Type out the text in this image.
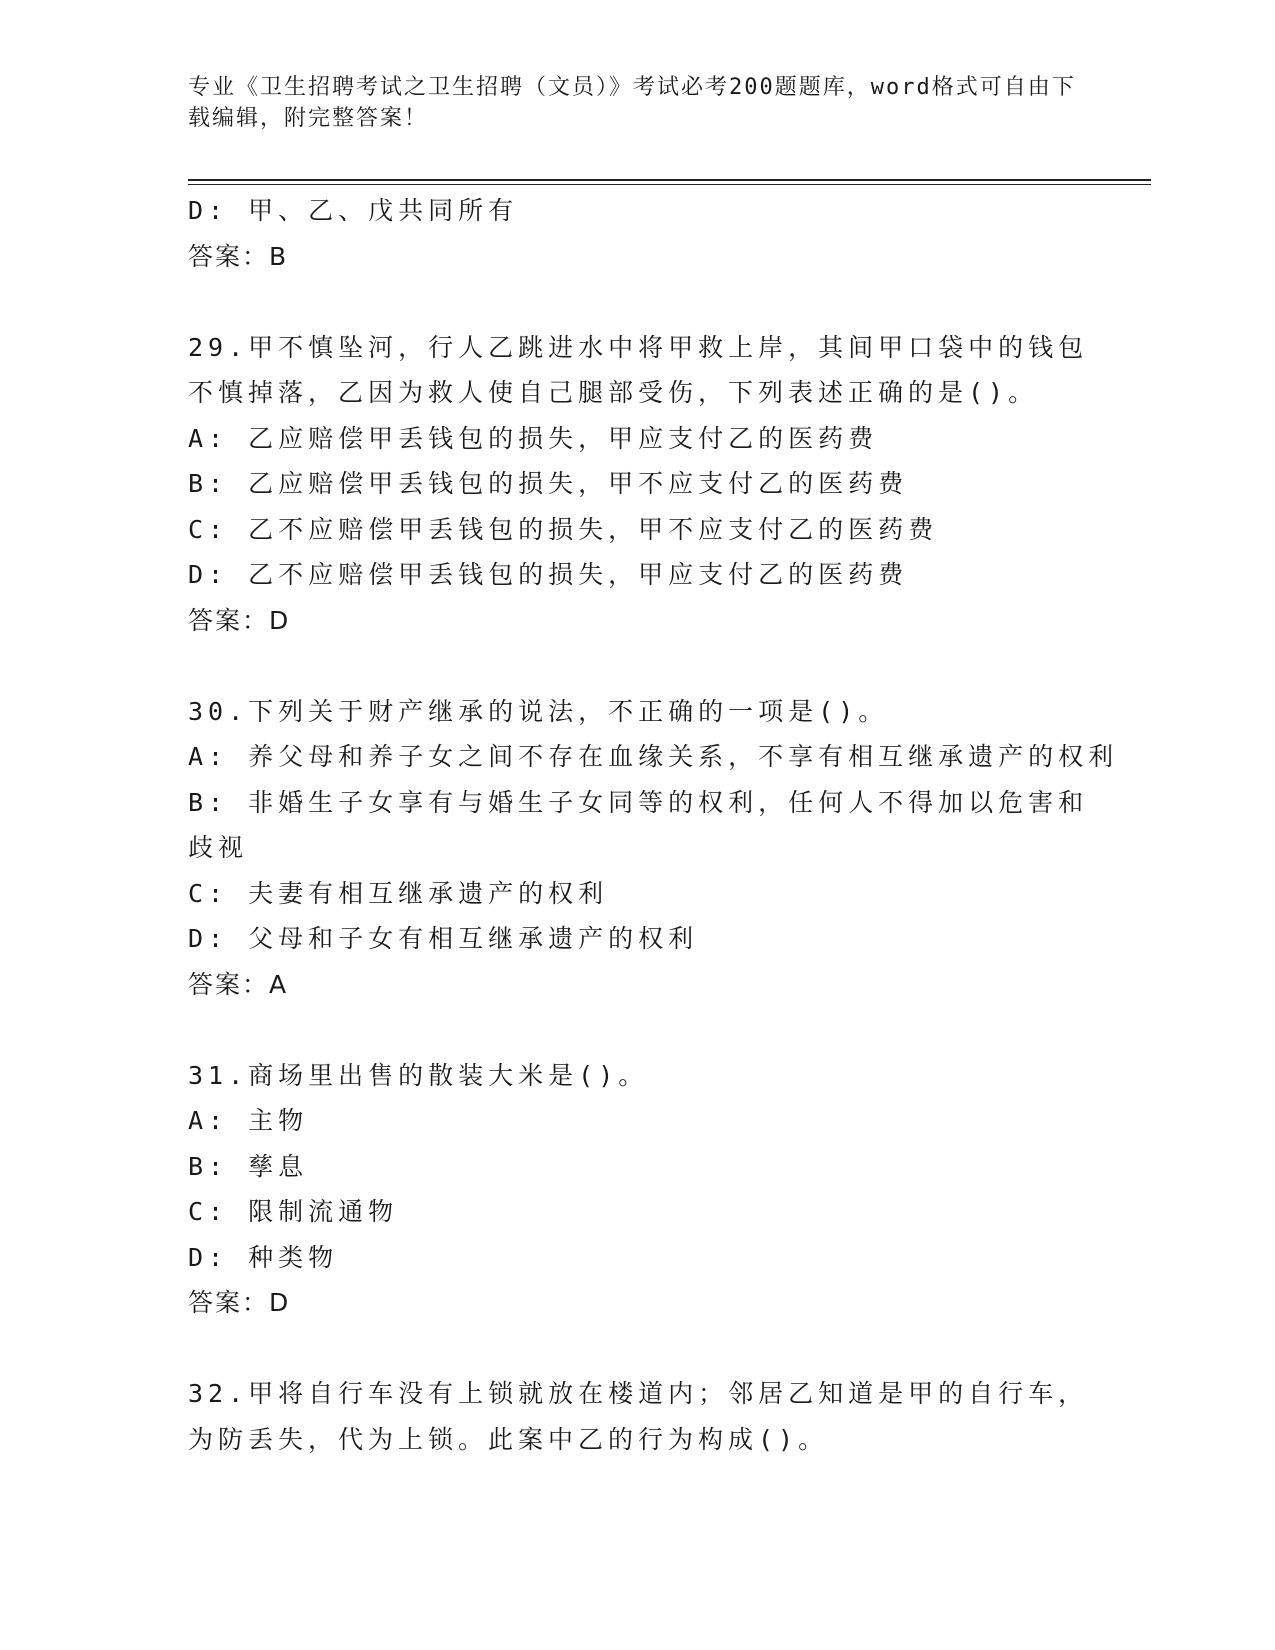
专业《卫生招聘考试之卫生招聘（文员）》考试必考200题题库，word格式可自由下载编辑，附完整答案！
D: 甲、乙、戊共同所有
答案：B
29.甲不慎坠河，行人乙跳进水中将甲救上岸，其间甲口袋中的钱包不慎掉落，乙因为救人使自己腿部受伤，下列表述正确的是()。
A: 乙应赔偿甲丢钱包的损失，甲应支付乙的医药费
B: 乙应赔偿甲丢钱包的损失，甲不应支付乙的医药费
C: 乙不应赔偿甲丢钱包的损失，甲不应支付乙的医药费
D: 乙不应赔偿甲丢钱包的损失，甲应支付乙的医药费
答案：D
30.下列关于财产继承的说法，不正确的一项是()。
A: 养父母和养子女之间不存在血缘关系，不享有相互继承遗产的权利
B: 非婚生子女享有与婚生子女同等的权利，任何人不得加以危害和歧视
C: 夫妻有相互继承遗产的权利
D: 父母和子女有相互继承遗产的权利
答案：A
31.商场里出售的散装大米是()。
A: 主物
B: 孳息
C: 限制流通物
D: 种类物
答案：D
32.甲将自行车没有上锁就放在楼道内；邻居乙知道是甲的自行车，为防丢失，代为上锁。此案中乙的行为构成()。
